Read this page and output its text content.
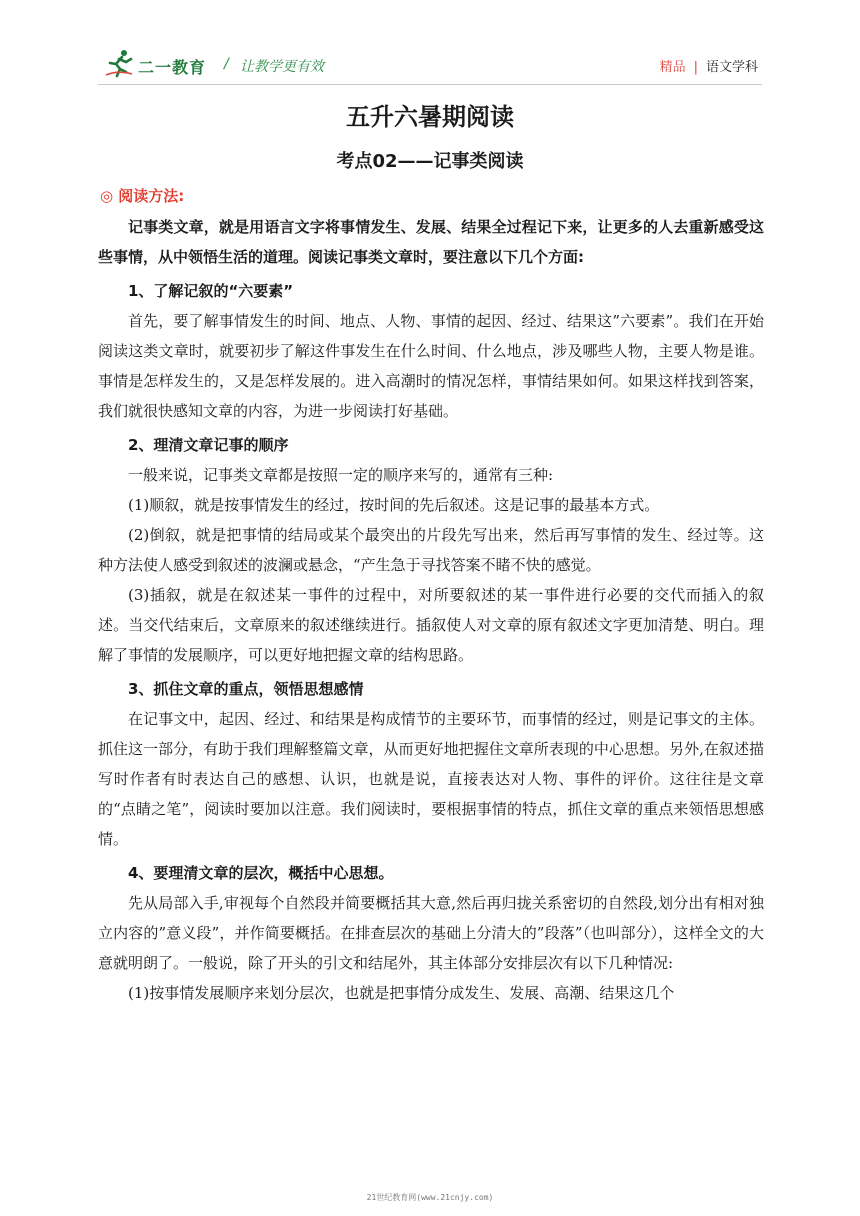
二一教育 / 让教学更有效	精品 | 语文学科
五升六暑期阅读
考点02——记事类阅读
◎ 阅读方法:

记事类文章，就是用语言文字将事情发生、发展、结果全过程记下来，让更多的人去重新感受这些事情，从中领悟生活的道理。阅读记事类文章时，要注意以下几个方面:

1、了解记叙的“六要素”

首先，要了解事情发生的时间、地点、人物、事情的起因、经过、结果这”六要素”。我们在开始阅读这类文章时，就要初步了解这件事发生在什么时间、什么地点，涉及哪些人物，主要人物是谁。事情是怎样发生的，又是怎样发展的。进入高潮时的情况怎样，事情结果如何。如果这样找到答案，我们就很快感知文章的内容，为进一步阅读打好基础。

2、理清文章记事的顺序

一般来说，记事类文章都是按照一定的顺序来写的，通常有三种:

(1)顺叙，就是按事情发生的经过，按时间的先后叙述。这是记事的最基本方式。

(2)倒叙，就是把事情的结局或某个最突出的片段先写出来，然后再写事情的发生、经过等。这种方法使人感受到叙述的波澜或悬念，“产生急于寻找答案不睹不快的感觉。

(3)插叙，就是在叙述某一事件的过程中，对所要叙述的某一事件进行必要的交代而插入的叙述。当交代结束后，文章原来的叙述继续进行。插叙使人对文章的原有叙述文字更加清楚、明白。理解了事情的发展顺序，可以更好地把握文章的结构思路。

3、抓住文章的重点，领悟思想感情

在记事文中，起因、经过、和结果是构成情节的主要环节，而事情的经过，则是记事文的主体。抓住这一部分，有助于我们理解整篇文章，从而更好地把握住文章所表现的中心思想。另外,在叙述描写时作者有时表达自己的感想、认识，也就是说，直接表达对人物、事件的评价。这往往是文章的“点睛之笔”，阅读时要加以注意。我们阅读时，要根据事情的特点，抓住文章的重点来领悟思想感情。

4、要理清文章的层次，概括中心思想。

先从局部入手,审视每个自然段并简要概括其大意,然后再归拢关系密切的自然段,划分出有相对独立内容的”意义段”，并作简要概括。在排查层次的基础上分清大的”段落”（也叫部分），这样全文的大意就明朗了。一般说，除了开头的引文和结尾外，其主体部分安排层次有以下几种情况:

(1)按事情发展顺序来划分层次，也就是把事情分成发生、发展、高潮、结果这几个

21世纪教育网(www.21cnjy.com)
